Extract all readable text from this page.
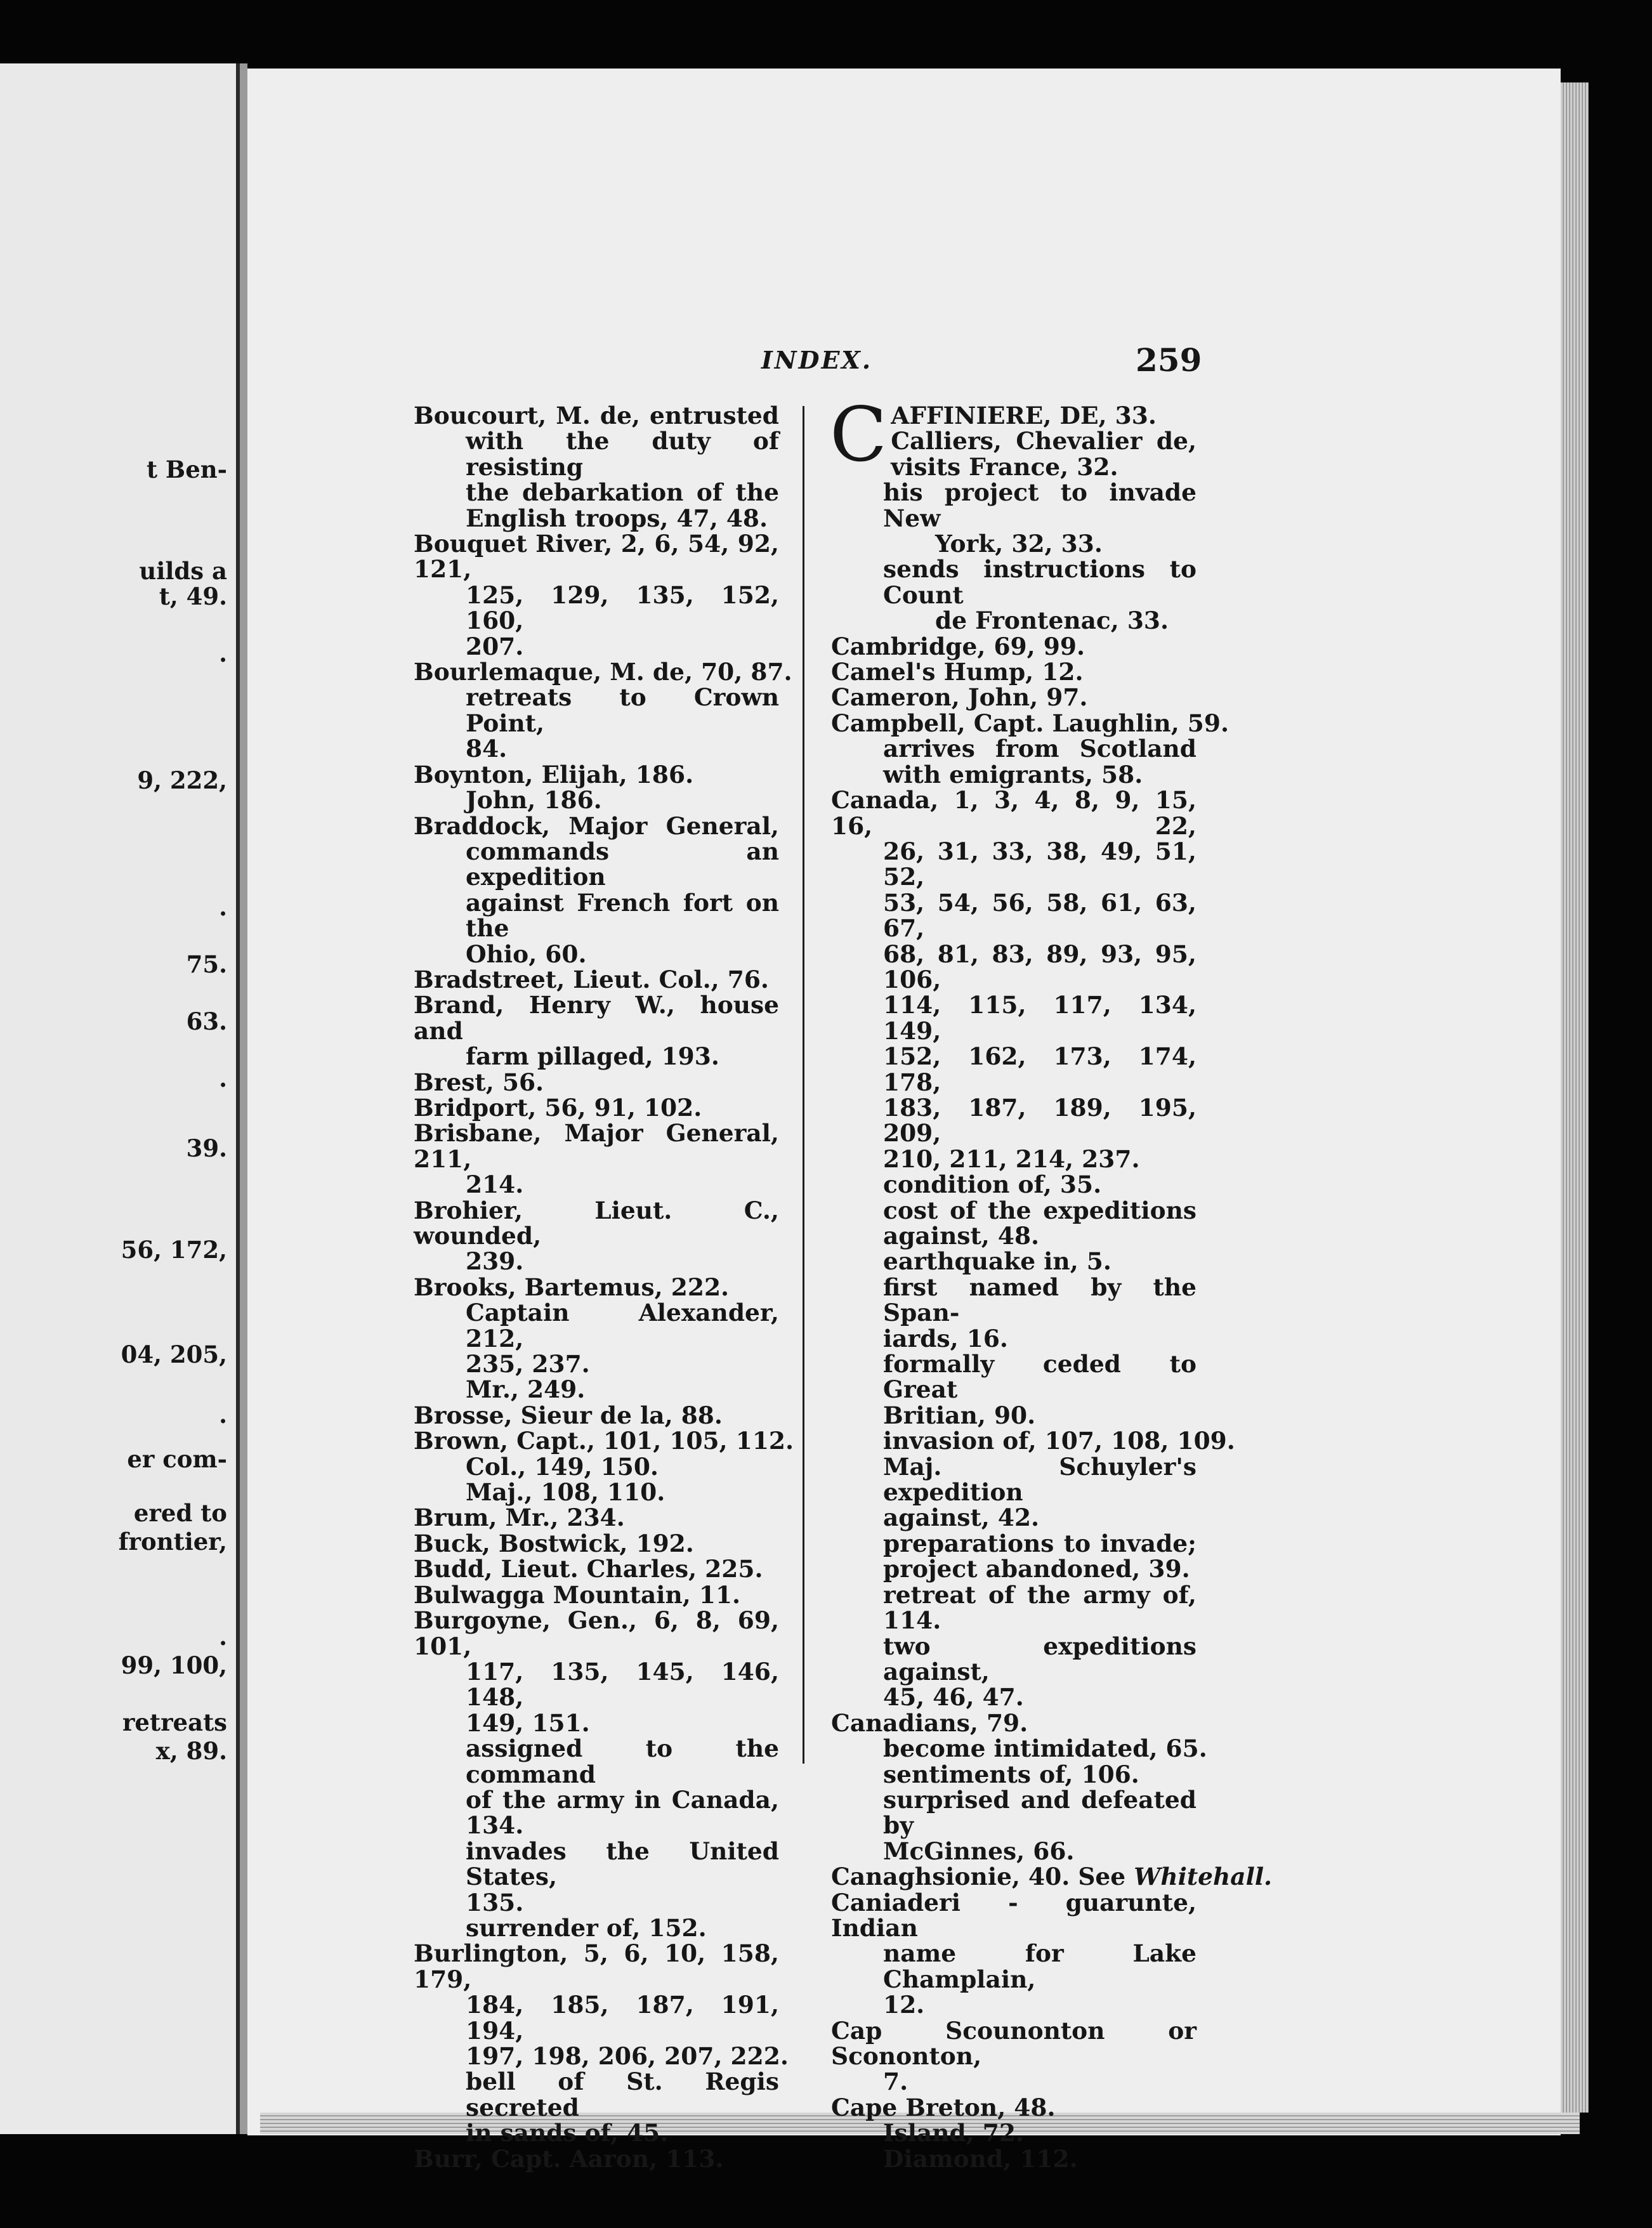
t Ben-
uilds a
t, 49.
.
9, 222,
.
75.
63.
.
39.
56, 172,
04, 205,
.
er com-
ered to
frontier,
.
99, 100,
retreats
x, 89.
INDEX.	259
Boucourt, M. de, entrusted
with the duty of resisting
the debarkation of the
English troops, 47, 48.
Bouquet River, 2, 6, 54, 92, 121,
125, 129, 135, 152, 160,
207.
Bourlemaque, M. de, 70, 87.
retreats to Crown Point,
84.
Boynton, Elijah, 186.
John, 186.
Braddock, Major General,
commands an expedition
against French fort on the
Ohio, 60.
Bradstreet, Lieut. Col., 76.
Brand, Henry W., house and
farm pillaged, 193.
Brest, 56.
Bridport, 56, 91, 102.
Brisbane, Major General, 211,
214.
Brohier, Lieut. C., wounded,
239.
Brooks, Bartemus, 222.
Captain Alexander, 212,
235, 237.
Mr., 249.
Brosse, Sieur de la, 88.
Brown, Capt., 101, 105, 112.
Col., 149, 150.
Maj., 108, 110.
Brum, Mr., 234.
Buck, Bostwick, 192.
Budd, Lieut. Charles, 225.
Bulwagga Mountain, 11.
Burgoyne, Gen., 6, 8, 69, 101,
117, 135, 145, 146, 148,
149, 151.
assigned to the command
of the army in Canada,
134.
invades the United States,
135.
surrender of, 152.
Burlington, 5, 6, 10, 158, 179,
184, 185, 187, 191, 194,
197, 198, 206, 207, 222.
bell of St. Regis secreted
in sands of, 45.
Burr, Capt. Aaron, 113.
C AFFINIERE, DE, 33.
Calliers, Chevalier de,
visits France, 32.
his project to invade New
York, 32, 33.
sends instructions to Count
de Frontenac, 33.
Cambridge, 69, 99.
Camel's Hump, 12.
Cameron, John, 97.
Campbell, Capt. Laughlin, 59.
arrives from Scotland
with emigrants, 58.
Canada, 1, 3, 4, 8, 9, 15, 16, 22,
26, 31, 33, 38, 49, 51, 52,
53, 54, 56, 58, 61, 63, 67,
68, 81, 83, 89, 93, 95, 106,
114, 115, 117, 134, 149,
152, 162, 173, 174, 178,
183, 187, 189, 195, 209,
210, 211, 214, 237.
condition of, 35.
cost of the expeditions
against, 48.
earthquake in, 5.
first named by the Span-
iards, 16.
formally ceded to Great
Britian, 90.
invasion of, 107, 108, 109.
Maj. Schuyler's expedition
against, 42.
preparations to invade;
project abandoned, 39.
retreat of the army of,
114.
two expeditions against,
45, 46, 47.
Canadians, 79.
become intimidated, 65.
sentiments of, 106.
surprised and defeated by
McGinnes, 66.
Canaghsionie, 40. See Whitehall.
Caniaderi - guarunte, Indian
name for Lake Champlain,
12.
Cap Scounonton or Scononton,
7.
Cape Breton, 48.
Island, 72.
Diamond, 112.
